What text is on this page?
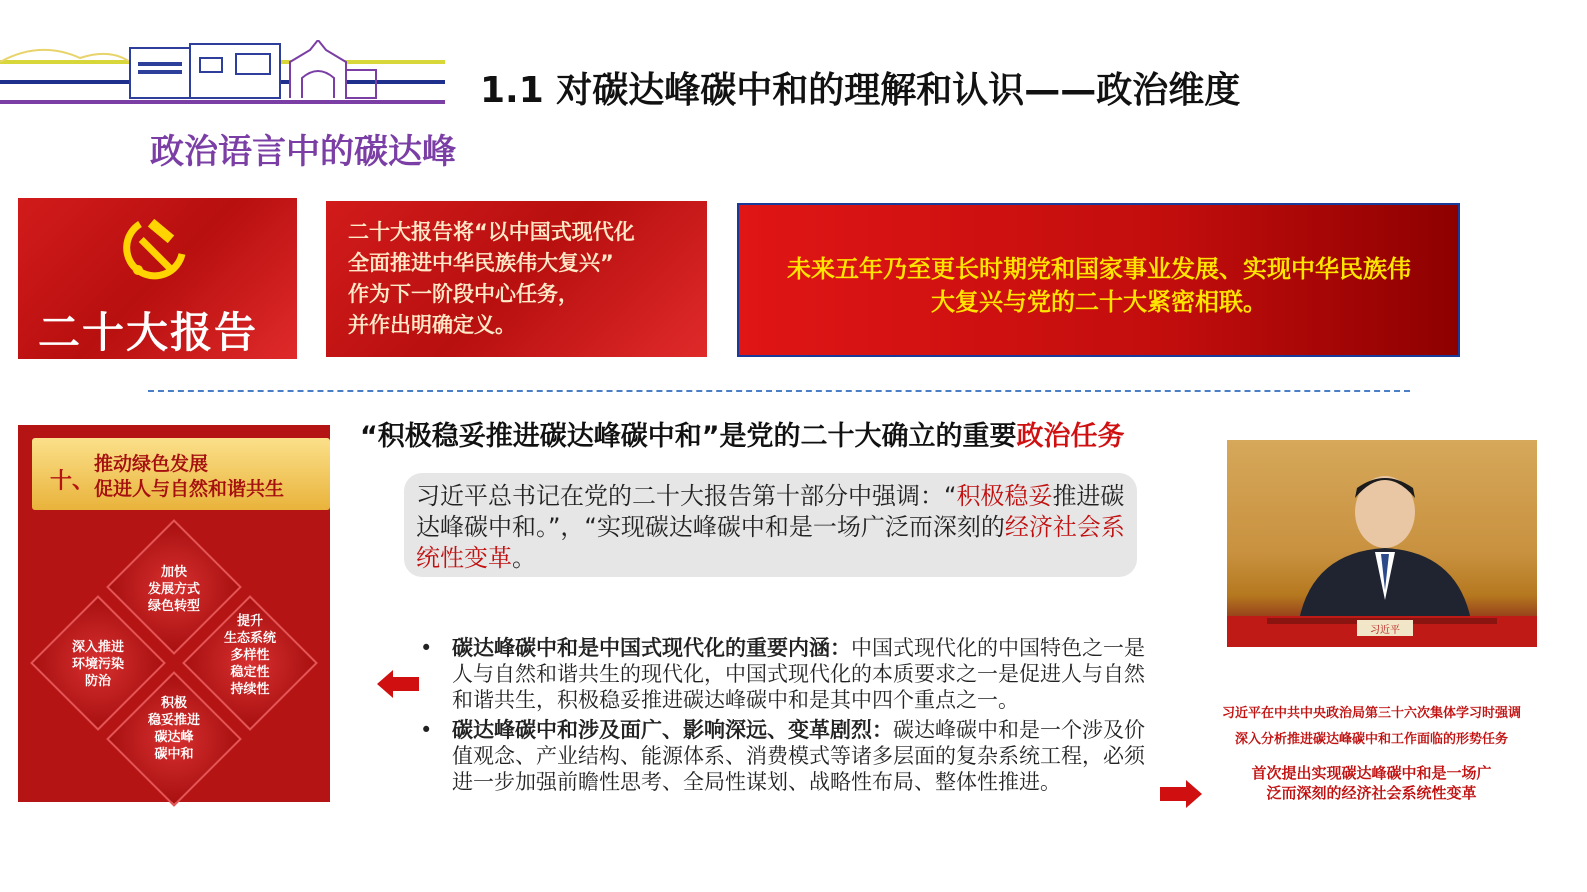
1.1 对碳达峰碳中和的理解和认识——政治维度
政治语言中的碳达峰
二十大报告
二十大报告将“以中国式现代化
全面推进中华民族伟大复兴”
作为下一阶段中心任务，
并作出明确定义。
未来五年乃至更长时期党和国家事业发展、实现中华民族伟
大复兴与党的二十大紧密相联。
十、
推动绿色发展
促进人与自然和谐共生
加快
发展方式
绿色转型
深入推进
环境污染
防治
提升
生态系统
多样性
稳定性
持续性
积极
稳妥推进
碳达峰
碳中和
“积极稳妥推进碳达峰碳中和”是党的二十大确立的重要政治任务
习近平总书记在党的二十大报告第十部分中强调：“积极稳妥推进碳达峰碳中和。”，“实现碳达峰碳中和是一场广泛而深刻的经济社会系统性变革。
• 碳达峰碳中和是中国式现代化的重要内涵：中国式现代化的中国特色之一是人与自然和谐共生的现代化，中国式现代化的本质要求之一是促进人与自然和谐共生，积极稳妥推进碳达峰碳中和是其中四个重点之一。
• 碳达峰碳中和涉及面广、影响深远、变革剧烈：碳达峰碳中和是一个涉及价值观念、产业结构、能源体系、消费模式等诸多层面的复杂系统工程，必须进一步加强前瞻性思考、全局性谋划、战略性布局、整体性推进。
习近平
习近平在中共中央政治局第三十六次集体学习时强调
深入分析推进碳达峰碳中和工作面临的形势任务
首次提出实现碳达峰碳中和是一场广
泛而深刻的经济社会系统性变革
